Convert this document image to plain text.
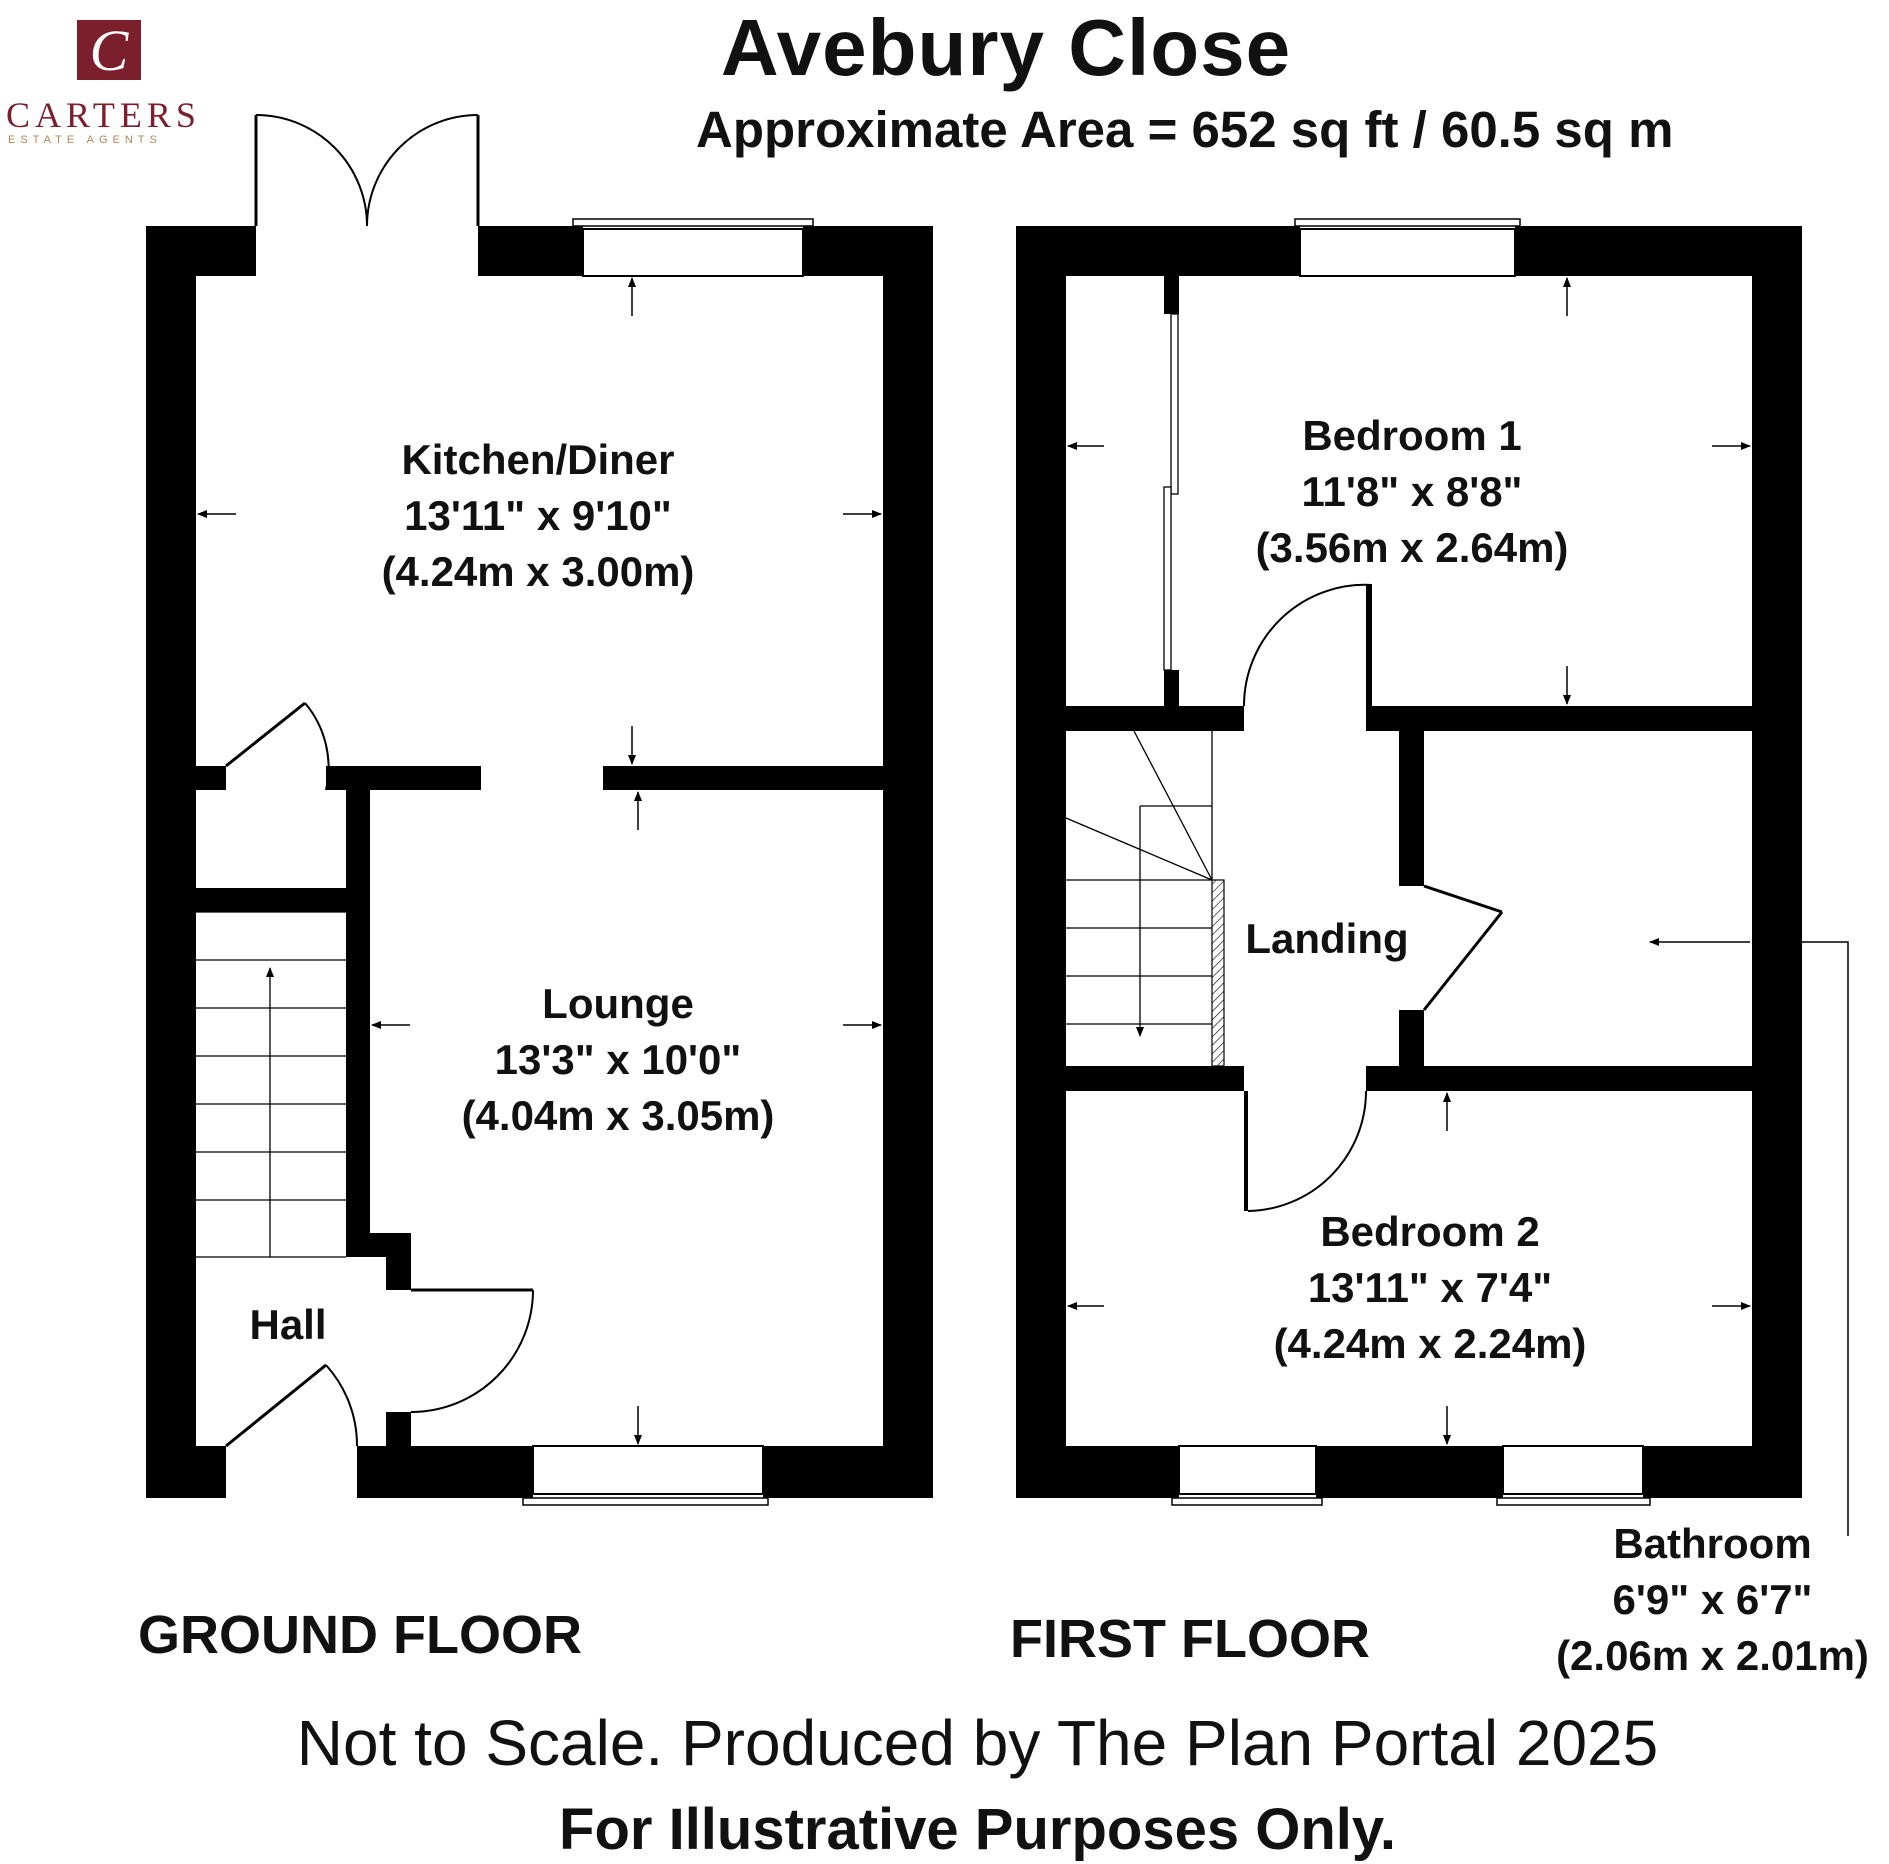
C
CARTERS
ESTATE AGENTS
Avebury Close
Approximate Area = 652 sq ft / 60.5 sq m
Kitchen/Diner
13'11" x 9'10"
(4.24m x 3.00m)
Lounge
13'3" x 10'0"
(4.04m x 3.05m)
Hall
Bedroom 1
11'8" x 8'8"
(3.56m x 2.64m)
Landing
Bedroom 2
13'11" x 7'4"
(4.24m x 2.24m)
Bathroom
6'9" x 6'7"
(2.06m x 2.01m)
GROUND FLOOR	FIRST FLOOR
Not to Scale. Produced by The Plan Portal 2025
For Illustrative Purposes Only.
